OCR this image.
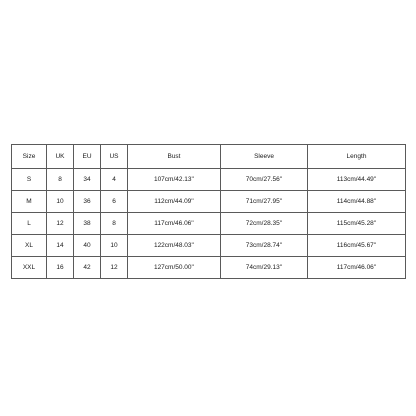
Size	UK	EU	US	Bust	Sleeve	Length
S	8	34	4	107cm/42.13''	70cm/27.56''	113cm/44.49''
M	10	36	6	112cm/44.09''	71cm/27.95''	114cm/44.88''
L	12	38	8	117cm/46.06''	72cm/28.35''	115cm/45.28''
XL	14	40	10	122cm/48.03''	73cm/28.74''	116cm/45.67''
XXL	16	42	12	127cm/50.00''	74cm/29.13''	117cm/46.06''
